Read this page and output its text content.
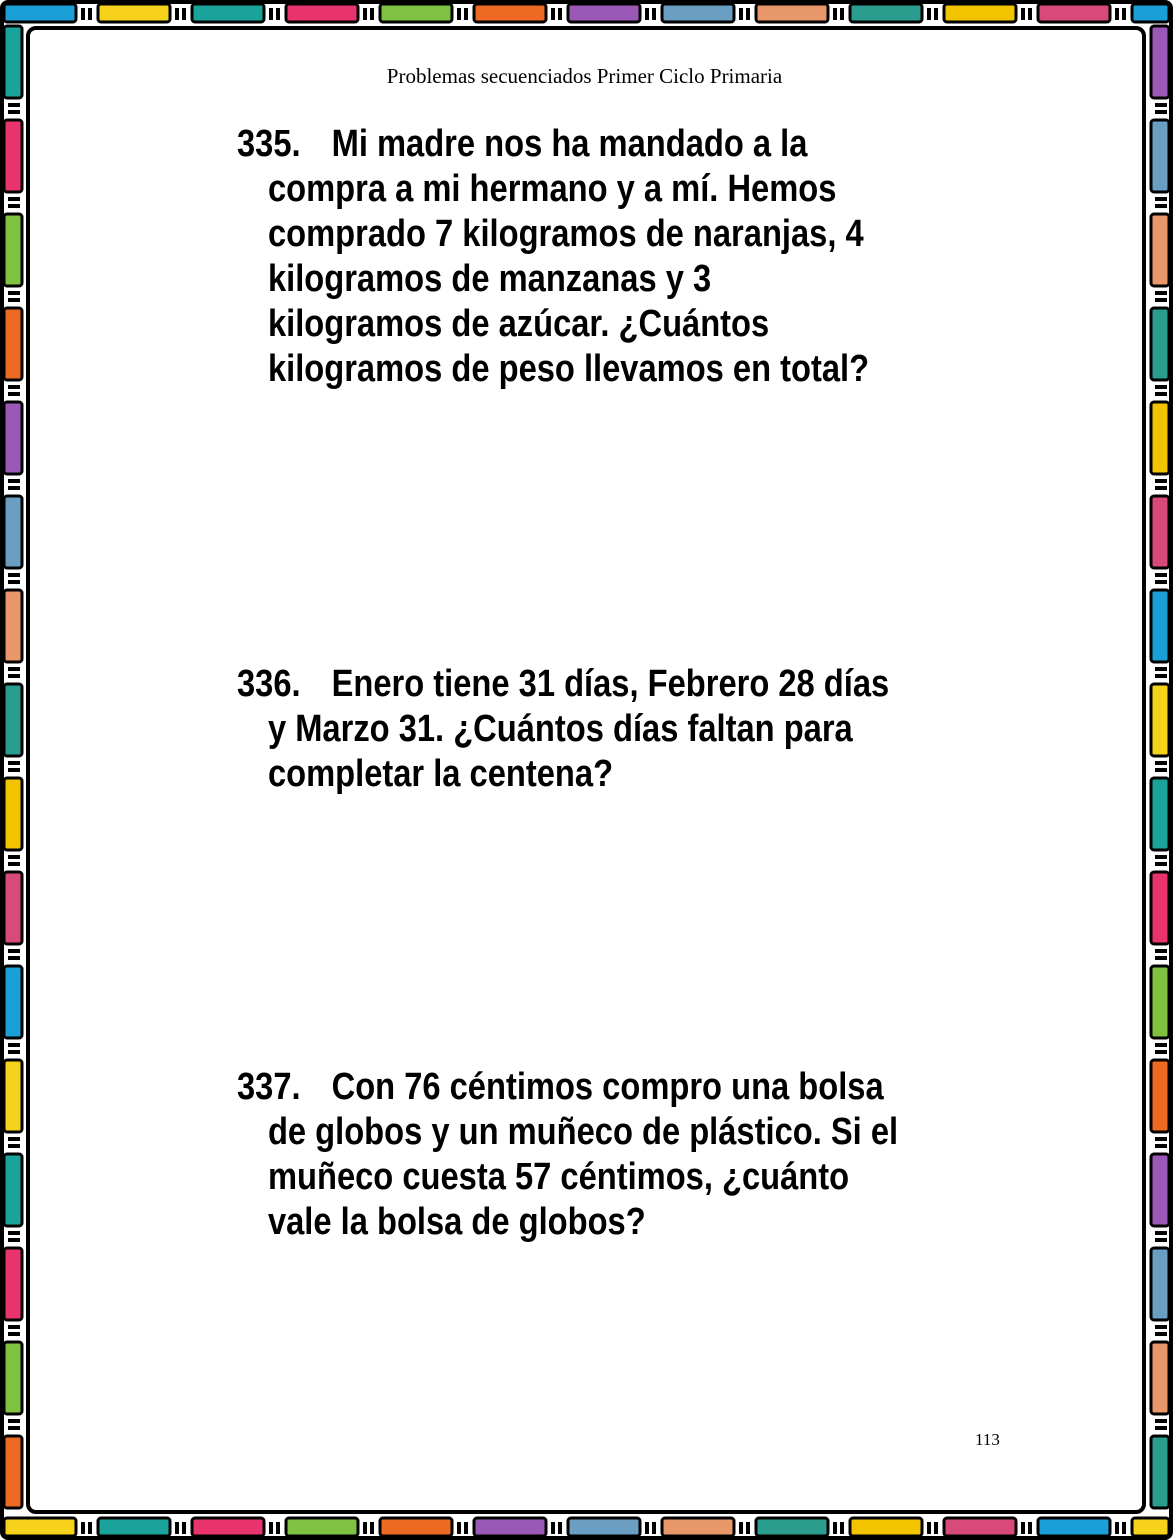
Problemas secuenciados Primer Ciclo Primaria
335. Mi madre nos ha mandado a la
compra a mi hermano y a mí. Hemos
comprado 7 kilogramos de naranjas, 4
kilogramos de manzanas y 3
kilogramos de azúcar. ¿Cuántos
kilogramos de peso llevamos en total?
336. Enero tiene 31 días, Febrero 28 días
y Marzo 31. ¿Cuántos días faltan para
completar la centena?
337. Con 76 céntimos compro una bolsa
de globos y un muñeco de plástico. Si el
muñeco cuesta 57 céntimos, ¿cuánto
vale la bolsa de globos?
113
